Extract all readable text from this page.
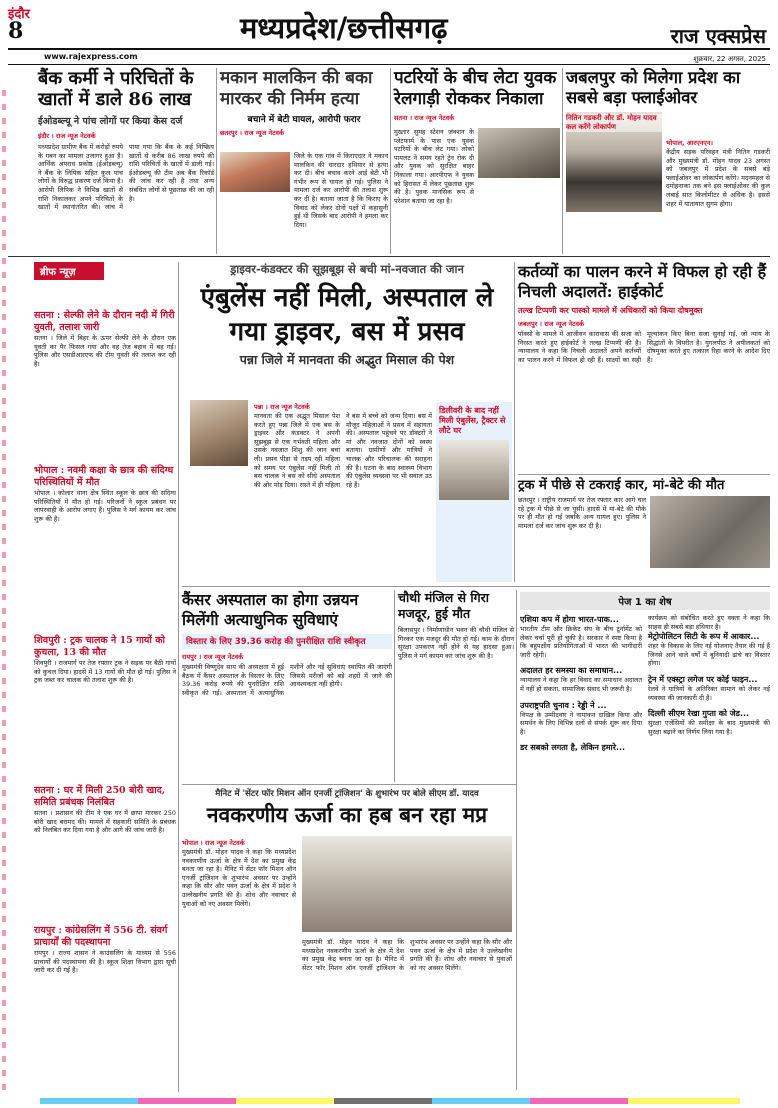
इंदौर
8	मध्यप्रदेश/छत्तीसगढ़	राज एक्सप्रेस
www.rajexpress.com	शुक्रवार, 22 अगस्त, 2025
बैंक कर्मी ने परिचितों के खातों में डाले 86 लाख
ईओडब्ल्यू ने पांच लोगों पर किया केस दर्ज
इंदौर । राज न्यूज नेटवर्क
मध्यप्रदेश ग्रामीण बैंक में करोड़ों रुपये के गबन का मामला उजागर हुआ है। आर्थिक अपराध प्रकोष्ठ (ईओडब्ल्यू) ने बैंक के लिपिक सहित कुल पांच लोगों के विरुद्ध प्रकरण दर्ज किया है। आरोपी लिपिक ने विभिन्न खातों से राशि निकालकर अपने परिचितों के खातों में स्थानांतरित की। जांच में पाया गया कि बैंक के कई निष्क्रिय खातों से करीब 86 लाख रुपये की राशि परिचितों के खातों में डाली गई। ईओडब्ल्यू की टीम अब बैंक रिकॉर्ड की जांच कर रही है तथा अन्य संबंधित लोगों से पूछताछ की जा रही है।
मकान मालकिन की बका मारकर की निर्मम हत्या
बचाने में बेटी घायल, आरोपी फरार
छतरपुर । राज न्यूज नेटवर्क
जिले के एक गांव में किराएदार ने मकान मालकिन की धारदार हथियार से हत्या कर दी। बीच बचाव करने आई बेटी भी गंभीर रूप से घायल हो गई। पुलिस ने मामला दर्ज कर आरोपी की तलाश शुरू कर दी है। बताया जाता है कि किराए के विवाद को लेकर दोनों पक्षों में कहासुनी हुई थी जिसके बाद आरोपी ने हमला कर दिया।
पटरियों के बीच लेटा युवक रेलगाड़ी रोककर निकाला
सतना । राज न्यूज नेटवर्क
मुख्तार सुमह स्टेशन जंक्शन के प्लेटफार्म के पास एक युवक पटरियों के बीच लेट गया। लोको पायलट ने समय रहते ट्रेन रोक दी और युवक को सुरक्षित बाहर निकाला गया। आरपीएफ ने युवक को हिरासत में लेकर पूछताछ शुरू की है। युवक मानसिक रूप से परेशान बताया जा रहा है।
जबलपुर को मिलेगा प्रदेश का सबसे बड़ा फ्लाईओवर
नितिन गडकरी और डॉ. मोहन यादव कल करेंगे लोकार्पण
भोपाल, आरएनएन।
केंद्रीय सड़क परिवहन मंत्री नितिन गडकरी और मुख्यमंत्री डॉ. मोहन यादव 23 अगस्त को जबलपुर में प्रदेश के सबसे बड़े फ्लाईओवर का लोकार्पण करेंगे। मदनमहल से दमोहनाका तक बने इस फ्लाईओवर की कुल लंबाई सात किलोमीटर से अधिक है। इससे शहर में यातायात सुगम होगा।
ब्रीफ न्यूज़
सतना : सेल्फी लेने के दौरान नदी में गिरी युवती, तलाश जारी
सतना । जिले में बिहर के ऊपर सेल्फी लेने के दौरान एक युवती का पैर फिसल गया और वह तेज बहाव में बह गई। पुलिस और एसडीआरएफ की टीम युवती की तलाश कर रही है।
भोपाल : नवमी कक्षा के छात्र की संदिग्ध परिस्थितियों में मौत
भोपाल । कोलार थाना क्षेत्र स्थित स्कूल के छात्र की संदिग्ध परिस्थितियों में मौत हो गई। परिजनों ने स्कूल प्रबंधन पर लापरवाही के आरोप लगाए हैं। पुलिस ने मर्ग कायम कर जांच शुरू की है।
शिवपुरी : ट्रक चालक ने 15 गायों को कुचला, 13 की मौत
शिवपुरी । राजमार्ग पर तेज रफ्तार ट्रक ने सड़क पर बैठी गायों को कुचल दिया। हादसे में 13 गायों की मौत हो गई। पुलिस ने ट्रक जब्त कर चालक की तलाश शुरू की है।
सतना : घर में मिली 250 बोरी खाद, समिति प्रबंधक निलंबित
सतना । प्रशासन की टीम ने एक घर में छापा मारकर 250 बोरी खाद बरामद की। मामले में सहकारी समिति के प्रबंधक को निलंबित कर दिया गया है और आगे की जांच जारी है।
रायपुर : कांग्रेसलिंग में 556 टी. संवर्ग प्राचार्यों की पदस्थापना
रायपुर । राज्य शासन ने काउंसलिंग के माध्यम से 556 प्राचार्यों की पदस्थापना की है। स्कूल शिक्षा विभाग द्वारा सूची जारी कर दी गई है।
ड्राइवर-कंडक्टर की सूझबूझ से बची मां-नवजात की जान
एंबुलेंस नहीं मिली, अस्पताल ले गया ड्राइवर, बस में प्रसव
पन्ना जिले में मानवता की अद्भुत मिसाल की पेश
पन्ना । राज न्यूज नेटवर्क
मानवता की एक अद्भुत मिसाल पेश करते हुए पन्ना जिले में एक बस के ड्राइवर और कंडक्टर ने अपनी सूझबूझ से एक गर्भवती महिला और उसके नवजात शिशु की जान बचा ली। प्रसव पीड़ा से तड़प रही महिला को समय पर एंबुलेंस नहीं मिली तो बस चालक ने बस को सीधे अस्पताल की ओर मोड़ दिया। रास्ते में ही महिला ने बस में बच्चे को जन्म दिया। बस में मौजूद महिलाओं ने प्रसव में सहायता की। अस्पताल पहुंचने पर डॉक्टरों ने मां और नवजात दोनों को स्वस्थ बताया। ग्रामीणों और यात्रियों ने चालक और परिचालक की सराहना की है। घटना के बाद स्वास्थ्य विभाग की एंबुलेंस व्यवस्था पर भी सवाल उठ रहे हैं।
डिलीवरी के बाद नहीं मिली एंबुलेंस, ट्रैक्टर से लौटे घर
कर्तव्यों का पालन करने में विफल हो रही हैं निचली अदालतें: हाईकोर्ट
तल्ख टिप्पणी कर पास्को मामले में अधिकारों को किया दोषमुक्त
जबलपुर । राज न्यूज नेटवर्क
पॉक्सो के मामले में आजीवन कारावास की सजा को निरस्त करते हुए हाईकोर्ट ने तल्ख टिप्पणी की है। न्यायालय ने कहा कि निचली अदालतें अपने कर्तव्यों का पालन करने में विफल हो रही हैं। साक्ष्यों का सही मूल्यांकन किए बिना सजा सुनाई गई, जो न्याय के सिद्धांतों के विपरीत है। युगलपीठ ने अपीलकर्ता को दोषमुक्त करते हुए तत्काल रिहा करने के आदेश दिए हैं।
ट्रक में पीछे से टकराई कार, मां-बेटे की मौत
छतरपुर । राष्ट्रीय राजमार्ग पर तेज रफ्तार कार आगे चल रहे ट्रक में पीछे से जा घुसी। हादसे में मां-बेटे की मौके पर ही मौत हो गई जबकि अन्य घायल हुए। पुलिस ने मामला दर्ज कर जांच शुरू कर दी है।
कैंसर अस्पताल का होगा उन्नयन मिलेंगी अत्याधुनिक सुविधाएं
विस्तार के लिए 39.36 करोड़ की पुनरीक्षित राशि स्वीकृत
रायपुर । राज न्यूज नेटवर्क
मुख्यमंत्री विष्णुदेव साय की अध्यक्षता में हुई बैठक में कैंसर अस्पताल के विस्तार के लिए 39.36 करोड़ रुपये की पुनरीक्षित राशि स्वीकृत की गई। अस्पताल में अत्याधुनिक मशीनें और नई सुविधाएं स्थापित की जाएंगी जिससे मरीजों को बड़े शहरों में जाने की आवश्यकता नहीं होगी।
चौथी मंजिल से गिरा मजदूर, हुई मौत
बिलासपुर । निर्माणाधीन भवन की चौथी मंजिल से गिरकर एक मजदूर की मौत हो गई। काम के दौरान सुरक्षा उपकरण नहीं होने से यह हादसा हुआ। पुलिस ने मर्ग कायम कर जांच शुरू की है।
पेज 1 का शेष
एशिया कप में होगा भारत-पाक...
भारतीय टीम और क्रिकेट संघ के बीच टूर्नामेंट को लेकर चर्चा पूरी हो चुकी है। सरकार ने स्पष्ट किया है कि बहुपक्षीय प्रतियोगिताओं में भारत की भागीदारी जारी रहेगी।
अदालत हर समस्या का समाधान...
न्यायालय ने कहा कि हर विवाद का समाधान अदालत में नहीं हो सकता, सामाजिक संवाद भी जरूरी है।
उपराष्ट्रपति चुनाव : रेड्डी ने ...
विपक्ष के उम्मीदवार ने नामांकन दाखिल किया और समर्थन के लिए विभिन्न दलों से संपर्क शुरू कर दिया है।
डर सबको लगता है, लेकिन हमारे...
कार्यक्रम को संबोधित करते हुए वक्ता ने कहा कि साहस ही सबसे बड़ा हथियार है।
मेट्रोपोलिटन सिटी के रूप में आकार...
शहर के विकास के लिए नई योजनाएं तैयार की गई हैं जिनसे आने वाले वर्षों में बुनियादी ढांचे का विस्तार होगा।
ट्रेन में एक्स्ट्रा लगेज पर कोई फाइन...
रेलवे ने यात्रियों के अतिरिक्त सामान को लेकर नई व्यवस्था की जानकारी दी है।
दिल्ली सीएम रेखा गुप्ता को जेड...
सुरक्षा एजेंसियों की समीक्षा के बाद मुख्यमंत्री की सुरक्षा बढ़ाने का निर्णय लिया गया है।
मैनिट में 'सेंटर फॉर मिशन ऑन एनर्जी ट्रांजिशन' के शुभारंभ पर बोले सीएम डॉ. यादव
नवकरणीय ऊर्जा का हब बन रहा मप्र
भोपाल । राज न्यूज नेटवर्क
मुख्यमंत्री डॉ. मोहन यादव ने कहा कि मध्यप्रदेश नवकरणीय ऊर्जा के क्षेत्र में देश का प्रमुख केंद्र बनता जा रहा है। मैनिट में सेंटर फॉर मिशन ऑन एनर्जी ट्रांजिशन के शुभारंभ अवसर पर उन्होंने कहा कि सौर और पवन ऊर्जा के क्षेत्र में प्रदेश ने उल्लेखनीय प्रगति की है। शोध और नवाचार से युवाओं को नए अवसर मिलेंगे।
मुख्यमंत्री डॉ. मोहन यादव ने कहा कि मध्यप्रदेश नवकरणीय ऊर्जा के क्षेत्र में देश का प्रमुख केंद्र बनता जा रहा है। मैनिट में सेंटर फॉर मिशन ऑन एनर्जी ट्रांजिशन के शुभारंभ अवसर पर उन्होंने कहा कि सौर और पवन ऊर्जा के क्षेत्र में प्रदेश ने उल्लेखनीय प्रगति की है। शोध और नवाचार से युवाओं को नए अवसर मिलेंगे।
